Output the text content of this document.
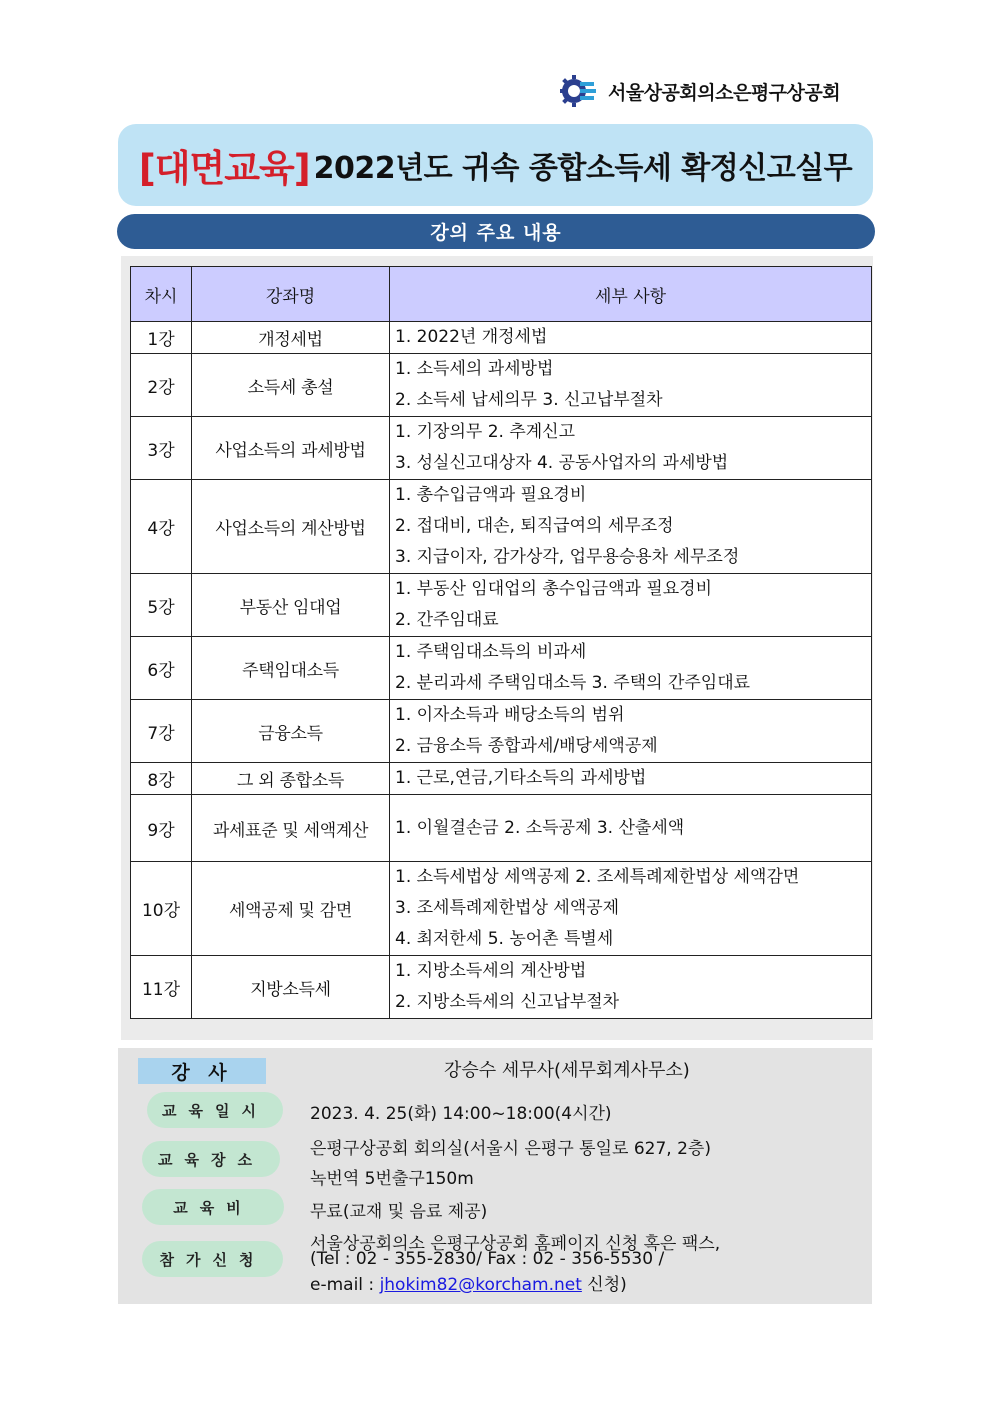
서울상공회의소은평구상공회
[대면교육] 2022년도 귀속 종합소득세 확정신고실무
강의 주요 내용
차시	강좌명	세부 사항
1강	개정세법	1. 2022년 개정세법

2강	소득세 총설	1. 소득세의 과세방법
2. 소득세 납세의무 3. 신고납부절차

3강	사업소득의 과세방법	1. 기장의무 2. 추계신고
3. 성실신고대상자 4. 공동사업자의 과세방법

4강	사업소득의 계산방법	1. 총수입금액과 필요경비
2. 접대비, 대손, 퇴직급여의 세무조정
3. 지급이자, 감가상각, 업무용승용차 세무조정

5강	부동산 임대업	1. 부동산 임대업의 총수입금액과 필요경비
2. 간주임대료

6강	주택임대소득	1. 주택임대소득의 비과세
2. 분리과세 주택임대소득 3. 주택의 간주임대료

7강	금융소득	1. 이자소득과 배당소득의 범위
2. 금융소득 종합과세/배당세액공제

8강	그 외 종합소득	1. 근로,연금,기타소득의 과세방법

9강	과세표준 및 세액계산	1. 이월결손금 2. 소득공제 3. 산출세액

10강	세액공제 및 감면	1. 소득세법상 세액공제 2. 조세특례제한법상 세액감면
3. 조세특례제한법상 세액공제
4. 최저한세 5. 농어촌 특별세

11강	지방소득세	1. 지방소득세의 계산방법
2. 지방소득세의 신고납부절차
강 사	강승수 세무사(세무회계사무소)
교육일시	2023. 4. 25(화) 14:00~18:00(4시간)
교육장소
은평구상공회 회의실(서울시 은평구 통일로 627, 2층)
녹번역 5번출구150m
교육비	무료(교재 및 음료 제공)
참가신청
서울상공회의소 은평구상공회 홈페이지 신청 혹은 팩스,
(Tel : 02 - 355-2830/ Fax : 02 - 356-5530 /
e-mail : jhokim82@korcham.net 신청)
